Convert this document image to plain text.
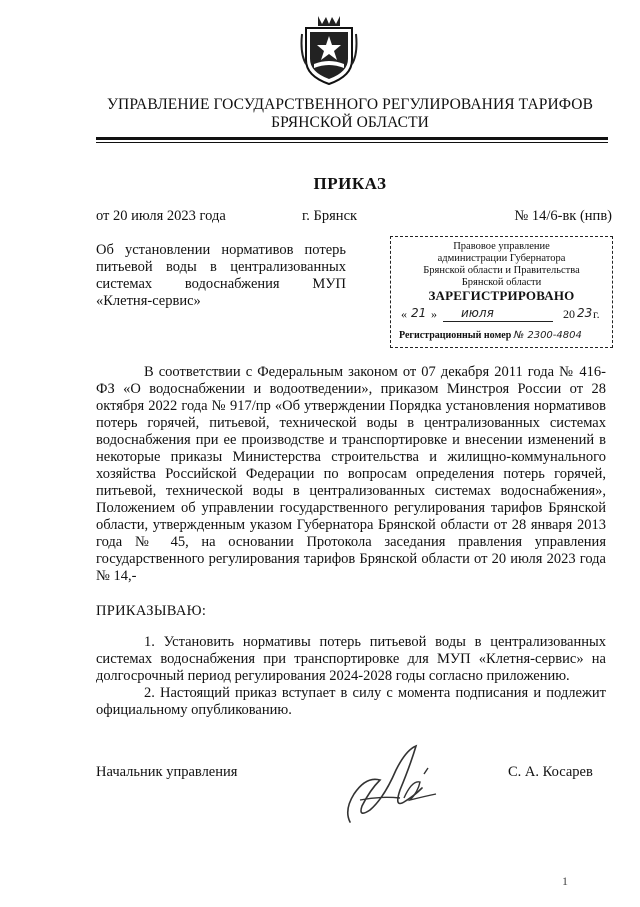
УПРАВЛЕНИЕ ГОСУДАРСТВЕННОГО РЕГУЛИРОВАНИЯ ТАРИФОВ
БРЯНСКОЙ ОБЛАСТИ
ПРИКАЗ
от 20 июля 2023 года	г. Брянск	№ 14/6-вк (нпв)
Об установлении нормативов потерь
питьевой воды в централизованных
системах водоснабжения МУП
«Клетня-сервис»
Правовое управление
администрации Губернатора
Брянской области и Правительства
Брянской области
ЗАРЕГИСТРИРОВАНО
« 21 » июля	20 23 г.
Регистрационный номер № 2300-4804

В соответствии с Федеральным законом от 07 декабря 2011 года № 416-ФЗ «О водоснабжении и водоотведении», приказом Минстроя России от 28 октября 2022 года № 917/пр «Об утверждении Порядка установления нормативов потерь горячей, питьевой, технической воды в централизованных системах водоснабжения при ее производстве и транспортировке и внесении изменений в некоторые приказы Министерства строительства и жилищно-коммунального хозяйства Российской Федерации по вопросам определения потерь горячей, питьевой, технической воды в централизованных системах водоснабжения», Положением об управлении государственного регулирования тарифов Брянской области, утвержденным указом Губернатора Брянской области от 28 января 2013 года № 45, на основании Протокола заседания правления управления государственного регулирования тарифов Брянской области от 20 июля 2023 года № 14,-

ПРИКАЗЫВАЮ:

1. Установить нормативы потерь питьевой воды в централизованных системах водоснабжения при транспортировке для МУП «Клетня-сервис» на долгосрочный период регулирования 2024-2028 годы согласно приложению.

2. Настоящий приказ вступает в силу с момента подписания и подлежит официальному опубликованию.

Начальник управления	С. А. Косарев
1
